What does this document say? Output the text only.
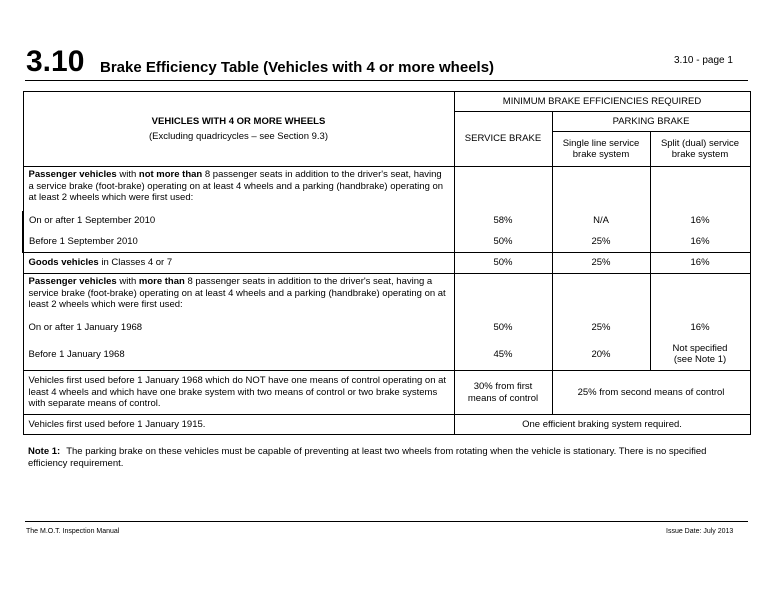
3.10 Brake Efficiency Table (Vehicles with 4 or more wheels)	3.10 - page 1
VEHICLES WITH 4 OR MORE WHEELS
(Excluding quadricycles – see Section 9.3)	MINIMUM BRAKE EFFICIENCIES REQUIRED		
	SERVICE BRAKE	PARKING BRAKE	
		Single line service brake system	Split (dual) service brake system
Passenger vehicles with not more than 8 passenger seats in addition to the driver's seat, having a service brake (foot-brake) operating on at least 4 wheels and a parking (handbrake) operating on at least 2 wheels which were first used:			
On or after 1 September 2010	58%	N/A	16%
Before 1 September 2010	50%	25%	16%
Goods vehicles in Classes 4 or 7	50%	25%	16%
Passenger vehicles with more than 8 passenger seats in addition to the driver's seat, having a service brake (foot-brake) operating on at least 4 wheels and a parking (handbrake) operating on at least 2 wheels which were first used:			
On or after 1 January 1968	50%	25%	16%
Before 1 January 1968	45%	20%	Not specified
(see Note 1)

Vehicles first used before 1 January 1968 which do NOT have one means of control operating on at least 4 wheels and which have one brake system with two means of control or two brake systems with separate means of control.	30% from first means of control	25% from second means of control	
Vehicles first used before 1 January 1915.	One efficient braking system required.		
Note 1: The parking brake on these vehicles must be capable of preventing at least two wheels from rotating when the vehicle is stationary. There is no specified efficiency requirement.
The M.O.T. Inspection Manual	Issue Date: July 2013
